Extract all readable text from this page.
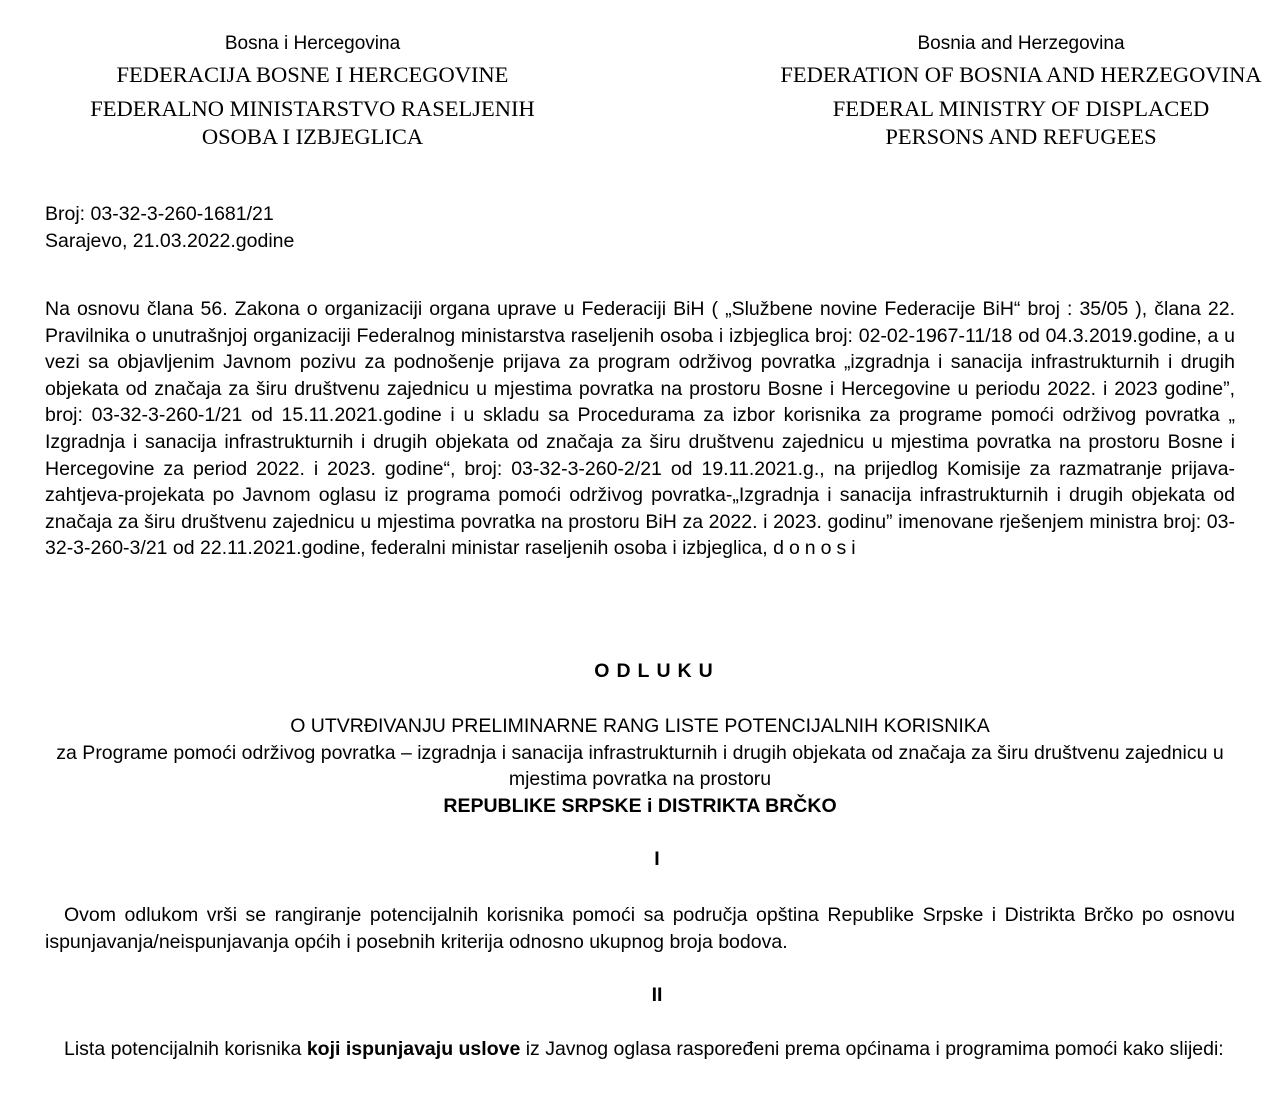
Bosna i Hercegovina
FEDERACIJA BOSNE I HERCEGOVINE
FEDERALNO MINISTARSTVO RASELJENIH
OSOBA I IZBJEGLICA
Bosnia and Herzegovina
FEDERATION OF BOSNIA AND HERZEGOVINA
FEDERAL MINISTRY OF DISPLACED
PERSONS AND REFUGEES
Broj: 03-32-3-260-1681/21
Sarajevo, 21.03.2022.godine

Na osnovu člana 56. Zakona o organizaciji organa uprave u Federaciji BiH ( „Službene novine Federacije BiH“ broj : 35/05 ), člana 22. Pravilnika o unutrašnjoj organizaciji Federalnog ministarstva raseljenih osoba i izbjeglica broj: 02-02-1967-11/18 od 04.3.2019.godine, a u vezi sa objavljenim Javnom pozivu za podnošenje prijava za program održivog povratka „izgradnja i sanacija infrastrukturnih i drugih objekata od značaja za širu društvenu zajednicu u mjestima povratka na prostoru Bosne i Hercegovine u periodu 2022. i 2023 godine”, broj: 03-32-3-260-1/21 od 15.11.2021.godine i u skladu sa Procedurama za izbor korisnika za programe pomoći održivog povratka „ Izgradnja i sanacija infrastrukturnih i drugih objekata od značaja za širu društvenu zajednicu u mjestima povratka na prostoru Bosne i Hercegovine za period 2022. i 2023. godine“, broj: 03-32-3-260-2/21 od 19.11.2021.g., na prijedlog Komisije za razmatranje prijava-zahtjeva-projekata po Javnom oglasu iz programa pomoći održivog povratka-„Izgradnja i sanacija infrastrukturnih i drugih objekata od značaja za širu društvenu zajednicu u mjestima povratka na prostoru BiH za 2022. i 2023. godinu” imenovane rješenjem ministra broj: 03-32-3-260-3/21 od 22.11.2021.godine, federalni ministar raseljenih osoba i izbjeglica, donosi

ODLUKU
O UTVRĐIVANJU PRELIMINARNE RANG LISTE POTENCIJALNIH KORISNIKA
za Programe pomoći održivog povratka – izgradnja i sanacija infrastrukturnih i drugih objekata od značaja za širu društvenu zajednicu u mjestima povratka na prostoru
REPUBLIKE SRPSKE i DISTRIKTA BRČKO
I

Ovom odlukom vrši se rangiranje potencijalnih korisnika pomoći sa područja opština Republike Srpske i Distrikta Brčko po osnovu ispunjavanja/neispunjavanja općih i posebnih kriterija odnosno ukupnog broja bodova.

II

Lista potencijalnih korisnika koji ispunjavaju uslove iz Javnog oglasa raspoređeni prema općinama i programima pomoći kako slijedi:
